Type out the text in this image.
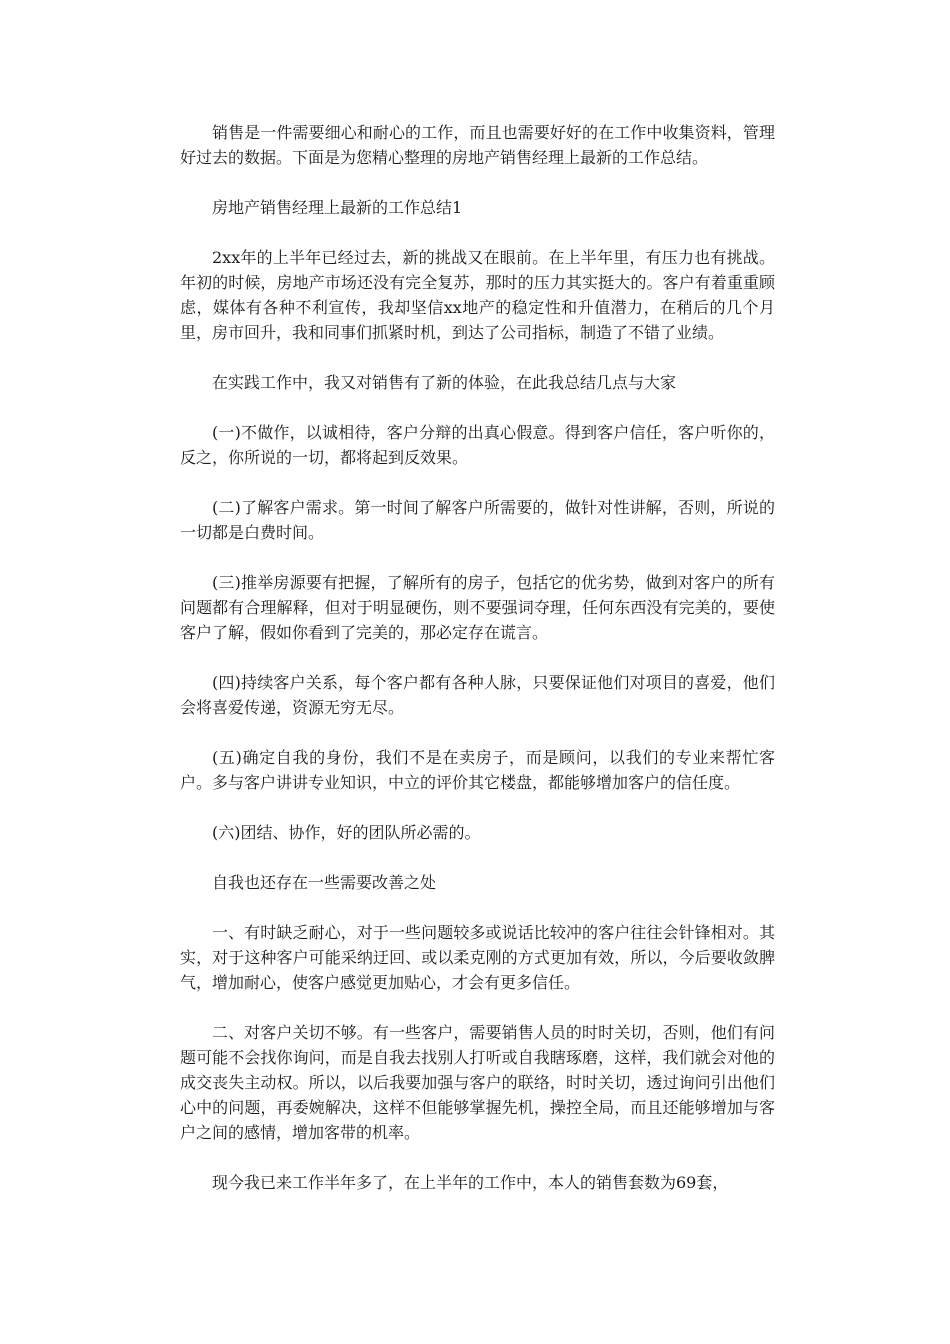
销售是一件需要细心和耐心的工作，而且也需要好好的在工作中收集资料，管理好过去的数据。下面是为您精心整理的房地产销售经理上最新的工作总结。

房地产销售经理上最新的工作总结1

2xx年的上半年已经过去，新的挑战又在眼前。在上半年里，有压力也有挑战。年初的时候，房地产市场还没有完全复苏，那时的压力其实挺大的。客户有着重重顾虑，媒体有各种不利宣传，我却坚信xx地产的稳定性和升值潜力，在稍后的几个月里，房市回升，我和同事们抓紧时机，到达了公司指标，制造了不错了业绩。

在实践工作中，我又对销售有了新的体验，在此我总结几点与大家

(一)不做作，以诚相待，客户分辩的出真心假意。得到客户信任，客户听你的，反之，你所说的一切，都将起到反效果。

(二)了解客户需求。第一时间了解客户所需要的，做针对性讲解，否则，所说的一切都是白费时间。

(三)推举房源要有把握，了解所有的房子，包括它的优劣势，做到对客户的所有问题都有合理解释，但对于明显硬伤，则不要强词夺理，任何东西没有完美的，要使客户了解，假如你看到了完美的，那必定存在谎言。

(四)持续客户关系，每个客户都有各种人脉，只要保证他们对项目的喜爱，他们会将喜爱传递，资源无穷无尽。

(五)确定自我的身份，我们不是在卖房子，而是顾问，以我们的专业来帮忙客户。多与客户讲讲专业知识，中立的评价其它楼盘，都能够增加客户的信任度。

(六)团结、协作，好的团队所必需的。

自我也还存在一些需要改善之处

一、有时缺乏耐心，对于一些问题较多或说话比较冲的客户往往会针锋相对。其实，对于这种客户可能采纳迂回、或以柔克刚的方式更加有效，所以，今后要收敛脾气，增加耐心，使客户感觉更加贴心，才会有更多信任。

二、对客户关切不够。有一些客户，需要销售人员的时时关切，否则，他们有问题可能不会找你询问，而是自我去找别人打听或自我瞎琢磨，这样，我们就会对他的成交丧失主动权。所以，以后我要加强与客户的联络，时时关切，透过询问引出他们心中的问题，再委婉解决，这样不但能够掌握先机，操控全局，而且还能够增加与客户之间的感情，增加客带的机率。

现今我已来工作半年多了，在上半年的工作中，本人的销售套数为69套，
